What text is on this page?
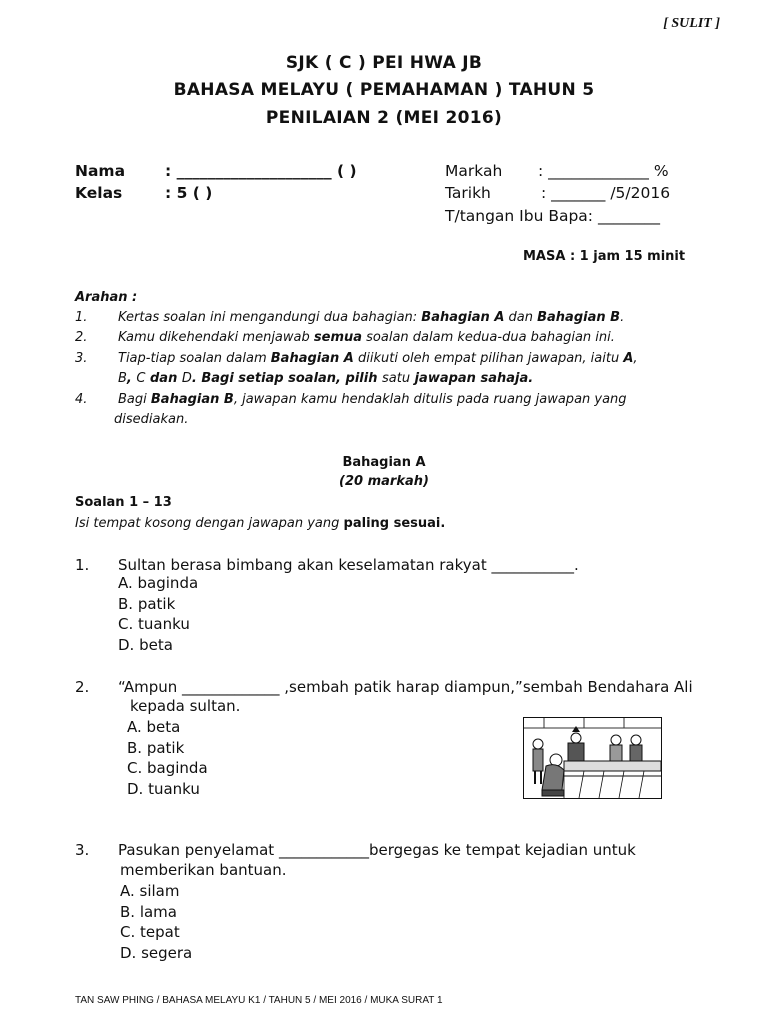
[ SULIT ]
SJK ( C ) PEI HWA JB
BAHASA MELAYU ( PEMAHAMAN ) TAHUN 5
PENILAIAN 2 (MEI 2016)
Nama	: ____________________ ( )
Kelas	: 5 ( )
Markah : _____________ %
Tarikh	: _______ /5/2016
T/tangan Ibu Bapa: ________
MASA : 1 jam 15 minit
Arahan :
1. Kertas soalan ini mengandungi dua bahagian: Bahagian A dan Bahagian B.
2. Kamu dikehendaki menjawab semua soalan dalam kedua-dua bahagian ini.
3. Tiap-tiap soalan dalam Bahagian A diikuti oleh empat pilihan jawapan, iaitu A,
B, C dan D. Bagi setiap soalan, pilih satu jawapan sahaja.
4. Bagi Bahagian B, jawapan kamu hendaklah ditulis pada ruang jawapan yang
disediakan.
Bahagian A
(20 markah)
Soalan 1 – 13
Isi tempat kosong dengan jawapan yang paling sesuai.
1. Sultan berasa bimbang akan keselamatan rakyat ___________.
A. baginda
B. patik
C. tuanku
D. beta
2. “Ampun _____________ ,sembah patik harap diampun,”sembah Bendahara Ali
kepada sultan.
A. beta
B. patik
C. baginda
D. tuanku
3. Pasukan penyelamat ____________bergegas ke tempat kejadian untuk
memberikan bantuan.
A. silam
B. lama
C. tepat
D. segera
TAN SAW PHING / BAHASA MELAYU K1 / TAHUN 5 / MEI 2016 / MUKA SURAT 1
